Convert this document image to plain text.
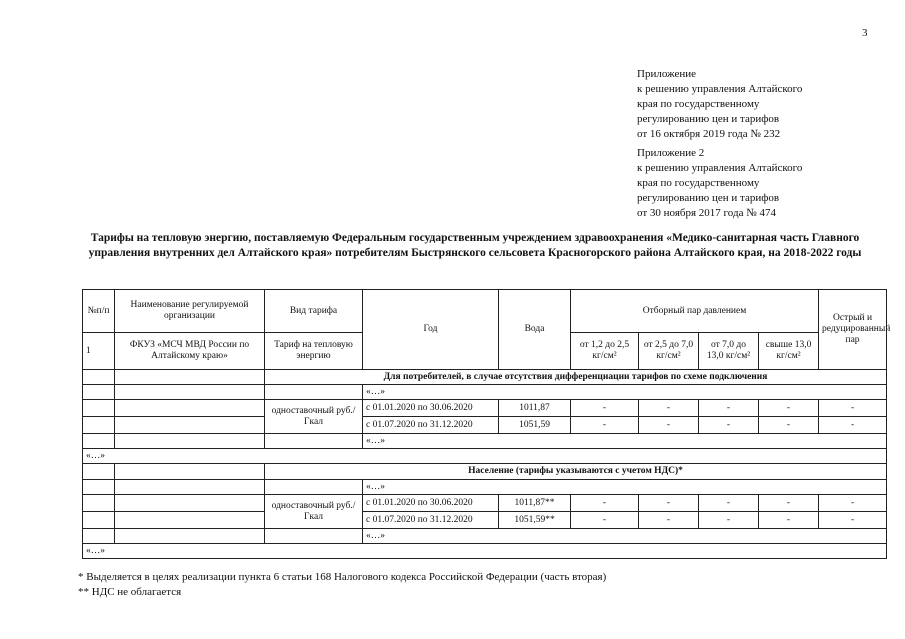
3
Приложение
к решению управления Алтайского
края по государственному
регулированию цен и тарифов
от 16 октября 2019 года № 232
Приложение 2
к решению управления Алтайского
края по государственному
регулированию цен и тарифов
от 30 ноября 2017 года № 474
Тарифы на тепловую энергию, поставляемую Федеральным государственным учреждением здравоохранения «Медико-санитарная часть Главного управления внутренних дел Алтайского края» потребителям Быстрянского сельсовета Красногорского района Алтайского края, на 2018-2022 годы
№п/п	Наименование регулируемой организации	Вид тарифа	Год	Вода	Отборный пар давлением				Острый и редуцированный пар
1	ФКУЗ «МСЧ МВД России по Алтайскому краю»	Тариф на тепловую энергию			от 1,2 до 2,5 кг/см²	от 2,5 до 7,0 кг/см²	от 7,0 до 13,0 кг/см²	свыше 13,0 кг/см²	
		Для потребителей, в случае отсутствия дифференциации тарифов по схеме подключения							
			«…»						
		одноставочный руб./Гкал	с 01.01.2020 по 30.06.2020	1011,87	-	-	-	-	-
			с 01.07.2020 по 31.12.2020	1051,59	-	-	-	-	-
			«…»						
«…»									
		Население (тарифы указываются с учетом НДС)*							
			«…»						
		одноставочный руб./Гкал	с 01.01.2020 по 30.06.2020	1011,87**	-	-	-	-	-
			с 01.07.2020 по 31.12.2020	1051,59**	-	-	-	-	-
			«…»						
«…»									
* Выделяется в целях реализации пункта 6 статьи 168 Налогового кодекса Российской Федерации (часть вторая)
** НДС не облагается
